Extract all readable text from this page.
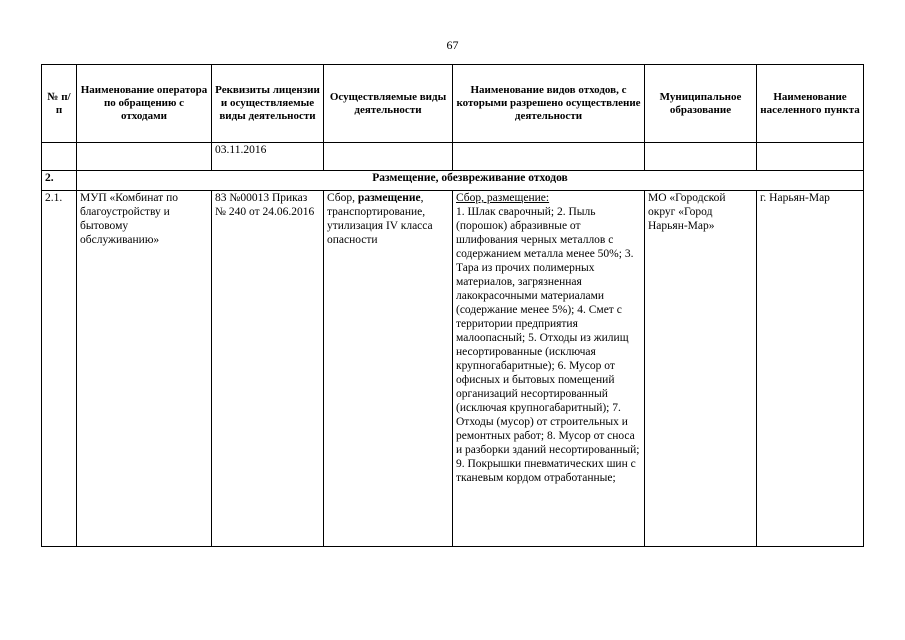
67
№ п/п	Наименование оператора по обращению с отходами	Реквизиты лицензии и осуществляемые виды деятельности	Осуществляемые виды деятельности	Наименование видов отходов, с которыми разрешено осуществление деятельности	Муниципальное образование	Наименование населенного пункта
		03.11.2016				
2.	Размещение, обезвреживание отходов					
2.1.	МУП «Комбинат по благоустройству и бытовому обслуживанию»	83 №00013 Приказ № 240 от 24.06.2016	Сбор, размещение, транспортирование, утилизация IV класса опасности	Сбор, размещение:
1. Шлак сварочный; 2. Пыль (порошок) абразивные от шлифования черных металлов с содержанием металла менее 50%; 3. Тара из прочих полимерных материалов, загрязненная лакокрасочными материалами (содержание менее 5%); 4. Смет с территории предприятия малоопасный; 5. Отходы из жилищ несортированные (исключая крупногабаритные); 6. Мусор от офисных и бытовых помещений организаций несортированный (исключая крупногабаритный); 7. Отходы (мусор) от строительных и ремонтных работ; 8. Мусор от сноса и разборки зданий несортированный; 9. Покрышки пневматических шин с тканевым кордом отработанные;	МО «Городской округ «Город Нарьян-Мар»	г. Нарьян-Мар
